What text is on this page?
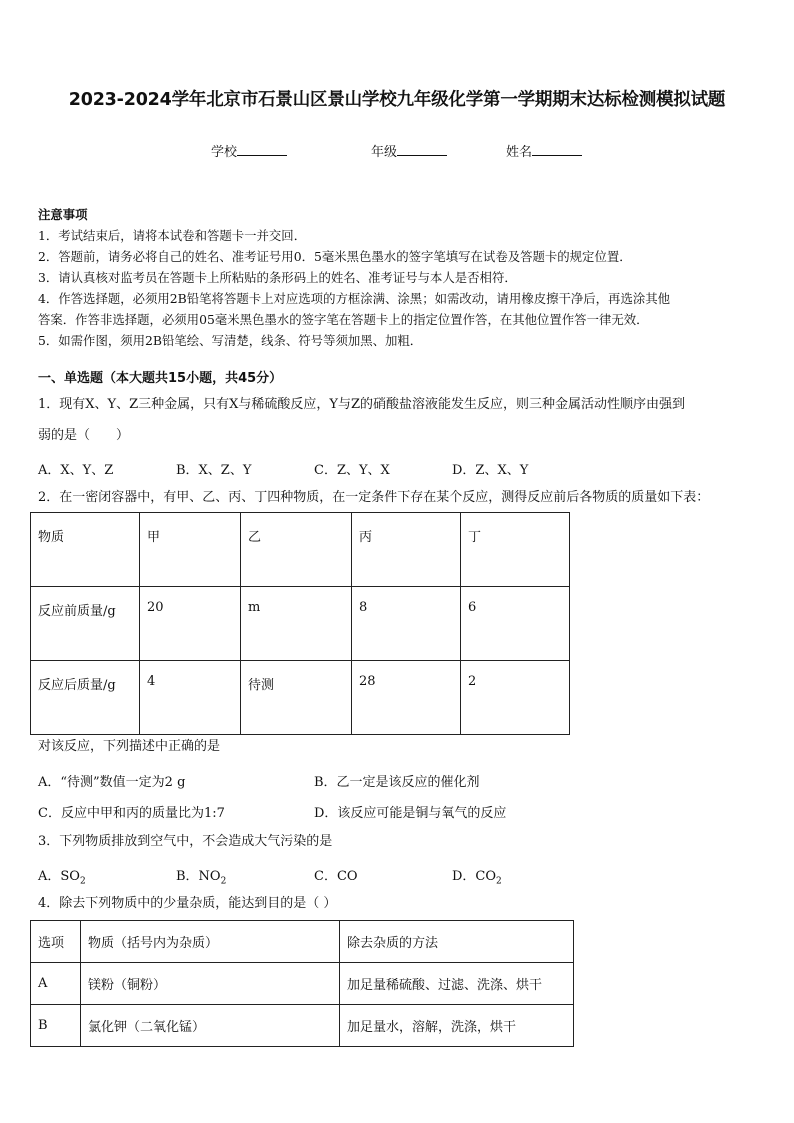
2023-2024学年北京市石景山区景山学校九年级化学第一学期期末达标检测模拟试题
学校	年级	姓名
注意事项
1．考试结束后，请将本试卷和答题卡一并交回．
2．答题前，请务必将自己的姓名、准考证号用0．5毫米黑色墨水的签字笔填写在试卷及答题卡的规定位置．
3．请认真核对监考员在答题卡上所粘贴的条形码上的姓名、准考证号与本人是否相符．
4．作答选择题，必须用2B铅笔将答题卡上对应选项的方框涂满、涂黑；如需改动，请用橡皮擦干净后，再选涂其他
答案．作答非选择题，必须用05毫米黑色墨水的签字笔在答题卡上的指定位置作答，在其他位置作答一律无效．
5．如需作图，须用2B铅笔绘、写清楚，线条、符号等须加黑、加粗．
一、单选题（本大题共15小题，共45分）
1．现有X、Y、Z三种金属，只有X与稀硫酸反应，Y与Z的硝酸盐溶液能发生反应，则三种金属活动性顺序由强到
弱的是（　　）
A．X、Y、Z	B．X、Z、Y	C．Z、Y、X	D．Z、X、Y
2．在一密闭容器中，有甲、乙、丙、丁四种物质，在一定条件下存在某个反应，测得反应前后各物质的质量如下表：
物质	甲	乙	丙	丁
反应前质量/g	20	m	8	6
反应后质量/g	4	待测	28	2
对该反应，下列描述中正确的是
A．“待测”数值一定为2 g	B．乙一定是该反应的催化剂
C．反应中甲和丙的质量比为1:7	D．该反应可能是铜与氧气的反应
3．下列物质排放到空气中，不会造成大气污染的是
A．$SO_2$	B．$NO_2$	C．CO	D．$CO_2$
4．除去下列物质中的少量杂质，能达到目的是（ ）
选项	物质（括号内为杂质）	除去杂质的方法
A	镁粉（铜粉）	加足量稀硫酸、过滤、洗涤、烘干
B	氯化钾（二氧化锰）	加足量水，溶解，洗涤，烘干
